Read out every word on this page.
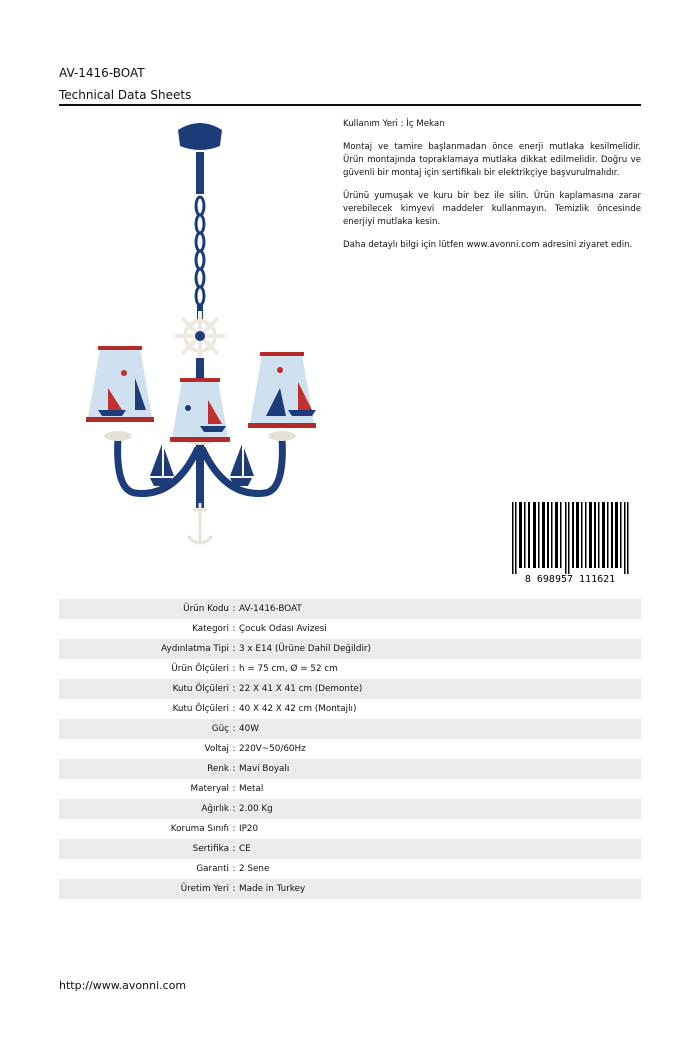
AV-1416-BOAT
Technical Data Sheets

Kullanım Yeri : İç Mekan

Montaj ve tamire başlanmadan önce enerji mutlaka kesilmelidir. Ürün montajında topraklamaya mutlaka dikkat edilmelidir. Doğru ve güvenli bir montaj için sertifikalı bir elektrikçiye başvurulmalıdır.

Ürünü yumuşak ve kuru bir bez ile silin. Ürün kaplamasına zarar verebilecek kimyevi maddeler kullanmayın. Temizlik öncesinde enerjiyi mutlaka kesin.

Daha detaylı bilgi için lütfen www.avonni.com adresini ziyaret edin.

8 698957 111621
Ürün Kodu : AV-1416-BOAT
Kategori : Çocuk Odası Avizesi
Aydınlatma Tipi : 3 x E14 (Ürüne Dahil Değildir)
Ürün Ölçüleri : h = 75 cm, Ø = 52 cm
Kutu Ölçüleri : 22 X 41 X 41 cm (Demonte)
Kutu Ölçüleri : 40 X 42 X 42 cm (Montajlı)
Güç : 40W
Voltaj : 220V~50/60Hz
Renk : Mavi Boyalı
Materyal : Metal
Ağırlık : 2.00 Kg
Koruma Sınıfı : IP20
Sertifika : CE
Garanti : 2 Sene
Üretim Yeri : Made in Turkey
http://www.avonni.com
